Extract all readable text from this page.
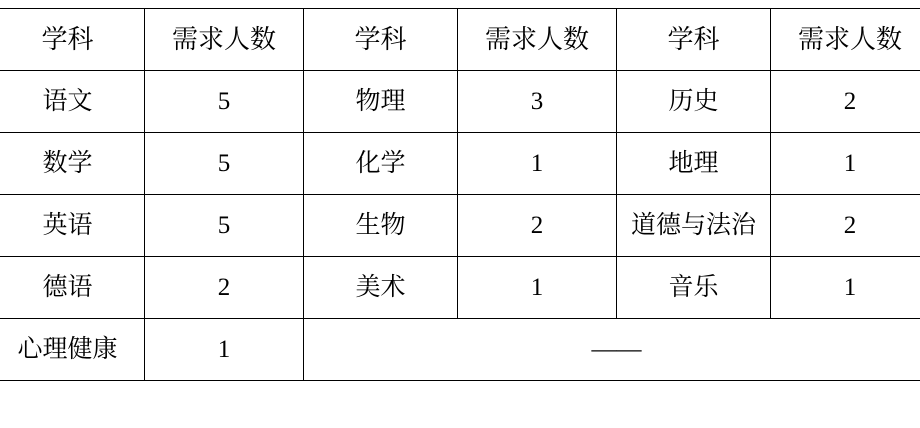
学科	需求人数	学科	需求人数	学科	需求人数
语文	5	物理	3	历史	2
数学	5	化学	1	地理	1
英语	5	生物	2	道德与法治	2
德语	2	美术	1	音乐	1
心理健康	1	——			
